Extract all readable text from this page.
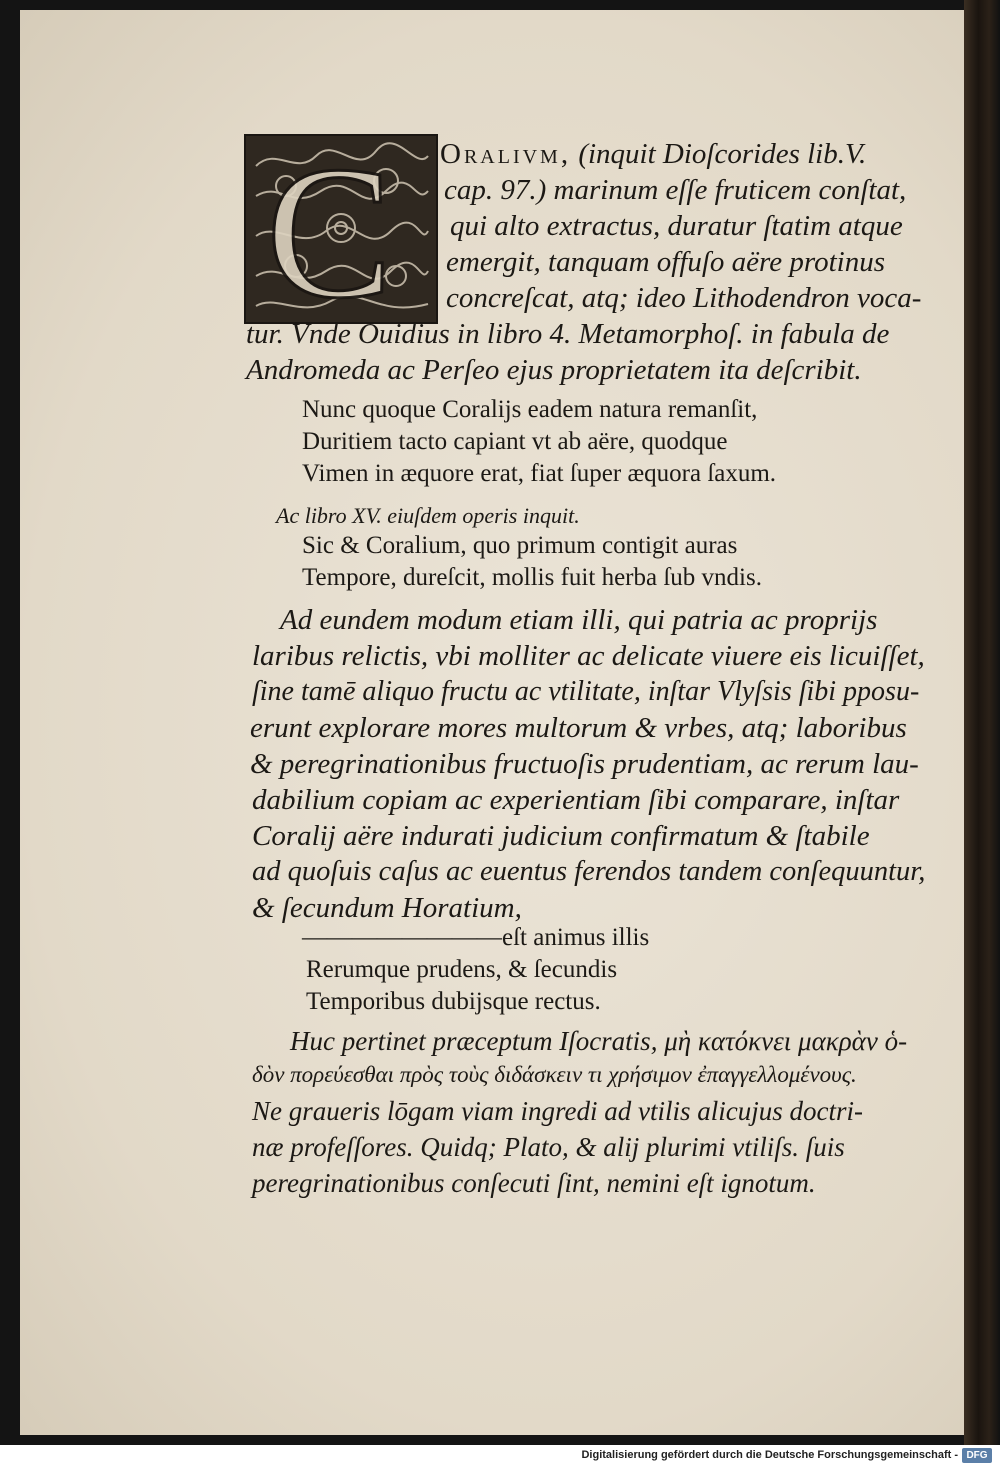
C Oralivm, (inquit Dioſcorides lib.V.
cap. 97.) marinum eſſe fruticem conſtat,
qui alto extractus, duratur ſtatim atque
emergit, tanquam offuſo aëre protinus
concreſcat, atq; ideo Lithodendron voca-
tur. Vnde Ouidius in libro 4. Metamorphoſ. in fabula de
Andromeda ac Perſeo ejus proprietatem ita deſcribit.
Nunc quoque Coralijs eadem natura remanſit,
Duritiem tacto capiant vt ab aëre, quodque
Vimen in æquore erat, fiat ſuper æquora ſaxum.
Ac libro XV. eiuſdem operis inquit.
Sic & Coralium, quo primum contigit auras
Tempore, dureſcit, mollis fuit herba ſub vndis.
Ad eundem modum etiam illi, qui patria ac proprijs
laribus relictis, vbi molliter ac delicate viuere eis licuiſſet,
ſine tamē aliquo fructu ac vtilitate, inſtar Vlyſsis ſibi pposu-
erunt explorare mores multorum & vrbes, atq; laboribus
& peregrinationibus fructuoſis prudentiam, ac rerum lau-
dabilium copiam ac experientiam ſibi comparare, inſtar
Coralij aëre indurati judicium confirmatum & ſtabile
ad quoſuis caſus ac euentus ferendos tandem conſequuntur,
& ſecundum Horatium,
————————eſt animus illis
Rerumque prudens, & ſecundis
Temporibus dubijsque rectus.
Huc pertinet præceptum Iſocratis, μὴ κατόκνει μακρὰν ὁ-
δὸν πορεύεσθαι πρὸς τοὺς διδάσκειν τι χρήσιμον ἐπαγγελλομένους.
Ne graueris lōgam viam ingredi ad vtilis alicujus doctri-
næ profeſſores. Quidq; Plato, & alij plurimi vtiliſs. ſuis
peregrinationibus conſecuti ſint, nemini eſt ignotum.
Digitalisierung gefördert durch die Deutsche Forschungsgemeinschaft - DFG
